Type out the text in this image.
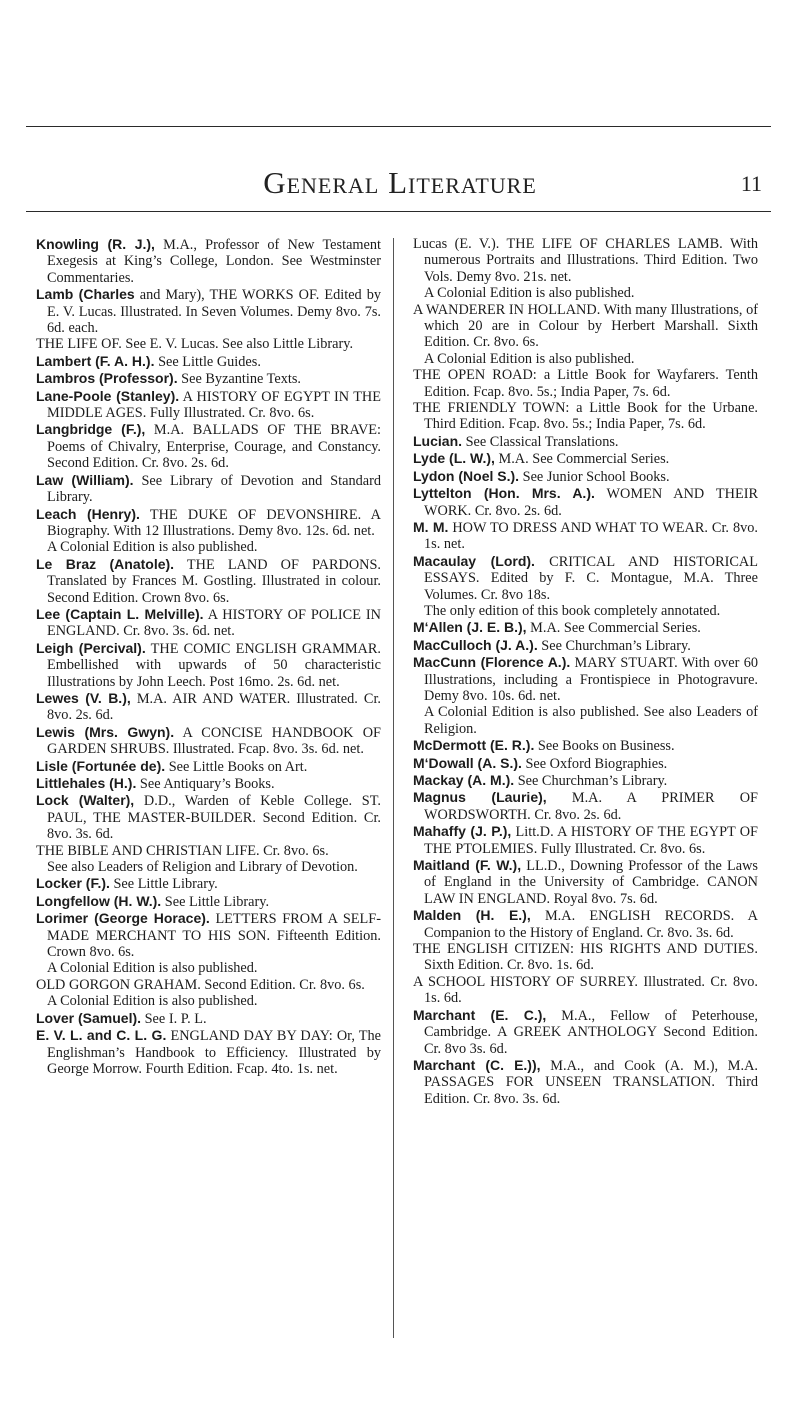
General Literature	11

Knowling (R. J.), M.A., Professor of New Testament Exegesis at King’s College, London. See Westminster Commentaries.

Lamb (Charles and Mary), THE WORKS OF. Edited by E. V. Lucas. Illustrated. In Seven Volumes. Demy 8vo. 7s. 6d. each.

THE LIFE OF. See E. V. Lucas. See also Little Library.

Lambert (F. A. H.). See Little Guides.

Lambros (Professor). See Byzantine Texts.

Lane-Poole (Stanley). A HISTORY OF EGYPT IN THE MIDDLE AGES. Fully Illustrated. Cr. 8vo. 6s.

Langbridge (F.), M.A. BALLADS OF THE BRAVE: Poems of Chivalry, Enterprise, Courage, and Constancy. Second Edition. Cr. 8vo. 2s. 6d.

Law (William). See Library of Devotion and Standard Library.

Leach (Henry). THE DUKE OF DEVONSHIRE. A Biography. With 12 Illustrations. Demy 8vo. 12s. 6d. net.

A Colonial Edition is also published.

Le Braz (Anatole). THE LAND OF PARDONS. Translated by Frances M. Gostling. Illustrated in colour. Second Edition. Crown 8vo. 6s.

Lee (Captain L. Melville). A HISTORY OF POLICE IN ENGLAND. Cr. 8vo. 3s. 6d. net.

Leigh (Percival). THE COMIC ENGLISH GRAMMAR. Embellished with upwards of 50 characteristic Illustrations by John Leech. Post 16mo. 2s. 6d. net.

Lewes (V. B.), M.A. AIR AND WATER. Illustrated. Cr. 8vo. 2s. 6d.

Lewis (Mrs. Gwyn). A CONCISE HANDBOOK OF GARDEN SHRUBS. Illustrated. Fcap. 8vo. 3s. 6d. net.

Lisle (Fortunée de). See Little Books on Art.

Littlehales (H.). See Antiquary’s Books.

Lock (Walter), D.D., Warden of Keble College. ST. PAUL, THE MASTER-BUILDER. Second Edition. Cr. 8vo. 3s. 6d.

THE BIBLE AND CHRISTIAN LIFE. Cr. 8vo. 6s.

See also Leaders of Religion and Library of Devotion.

Locker (F.). See Little Library.

Longfellow (H. W.). See Little Library.

Lorimer (George Horace). LETTERS FROM A SELF-MADE MERCHANT TO HIS SON. Fifteenth Edition. Crown 8vo. 6s.

A Colonial Edition is also published.

OLD GORGON GRAHAM. Second Edition. Cr. 8vo. 6s.

A Colonial Edition is also published.

Lover (Samuel). See I. P. L.

E. V. L. and C. L. G. ENGLAND DAY BY DAY: Or, The Englishman’s Handbook to Efficiency. Illustrated by George Morrow. Fourth Edition. Fcap. 4to. 1s. net.

Lucas (E. V.). THE LIFE OF CHARLES LAMB. With numerous Portraits and Illustrations. Third Edition. Two Vols. Demy 8vo. 21s. net.

A Colonial Edition is also published.

A WANDERER IN HOLLAND. With many Illustrations, of which 20 are in Colour by Herbert Marshall. Sixth Edition. Cr. 8vo. 6s.

A Colonial Edition is also published.

THE OPEN ROAD: a Little Book for Wayfarers. Tenth Edition. Fcap. 8vo. 5s.; India Paper, 7s. 6d.

THE FRIENDLY TOWN: a Little Book for the Urbane. Third Edition. Fcap. 8vo. 5s.; India Paper, 7s. 6d.

Lucian. See Classical Translations.

Lyde (L. W.), M.A. See Commercial Series.

Lydon (Noel S.). See Junior School Books.

Lyttelton (Hon. Mrs. A.). WOMEN AND THEIR WORK. Cr. 8vo. 2s. 6d.

M. M. HOW TO DRESS AND WHAT TO WEAR. Cr. 8vo. 1s. net.

Macaulay (Lord). CRITICAL AND HISTORICAL ESSAYS. Edited by F. C. Montague, M.A. Three Volumes. Cr. 8vo 18s.

The only edition of this book completely annotated.

M‘Allen (J. E. B.), M.A. See Commercial Series.

MacCulloch (J. A.). See Churchman’s Library.

MacCunn (Florence A.). MARY STUART. With over 60 Illustrations, including a Frontispiece in Photogravure. Demy 8vo. 10s. 6d. net.

A Colonial Edition is also published. See also Leaders of Religion.

McDermott (E. R.). See Books on Business.

M‘Dowall (A. S.). See Oxford Biographies.

Mackay (A. M.). See Churchman’s Library.

Magnus (Laurie), M.A. A PRIMER OF WORDSWORTH. Cr. 8vo. 2s. 6d.

Mahaffy (J. P.), Litt.D. A HISTORY OF THE EGYPT OF THE PTOLEMIES. Fully Illustrated. Cr. 8vo. 6s.

Maitland (F. W.), LL.D., Downing Professor of the Laws of England in the University of Cambridge. CANON LAW IN ENGLAND. Royal 8vo. 7s. 6d.

Malden (H. E.), M.A. ENGLISH RECORDS. A Companion to the History of England. Cr. 8vo. 3s. 6d.

THE ENGLISH CITIZEN: HIS RIGHTS AND DUTIES. Sixth Edition. Cr. 8vo. 1s. 6d.

A SCHOOL HISTORY OF SURREY. Illustrated. Cr. 8vo. 1s. 6d.

Marchant (E. C.), M.A., Fellow of Peterhouse, Cambridge. A GREEK ANTHOLOGY Second Edition. Cr. 8vo 3s. 6d.

Marchant (C. E.)), M.A., and Cook (A. M.), M.A. PASSAGES FOR UNSEEN TRANSLATION. Third Edition. Cr. 8vo. 3s. 6d.
